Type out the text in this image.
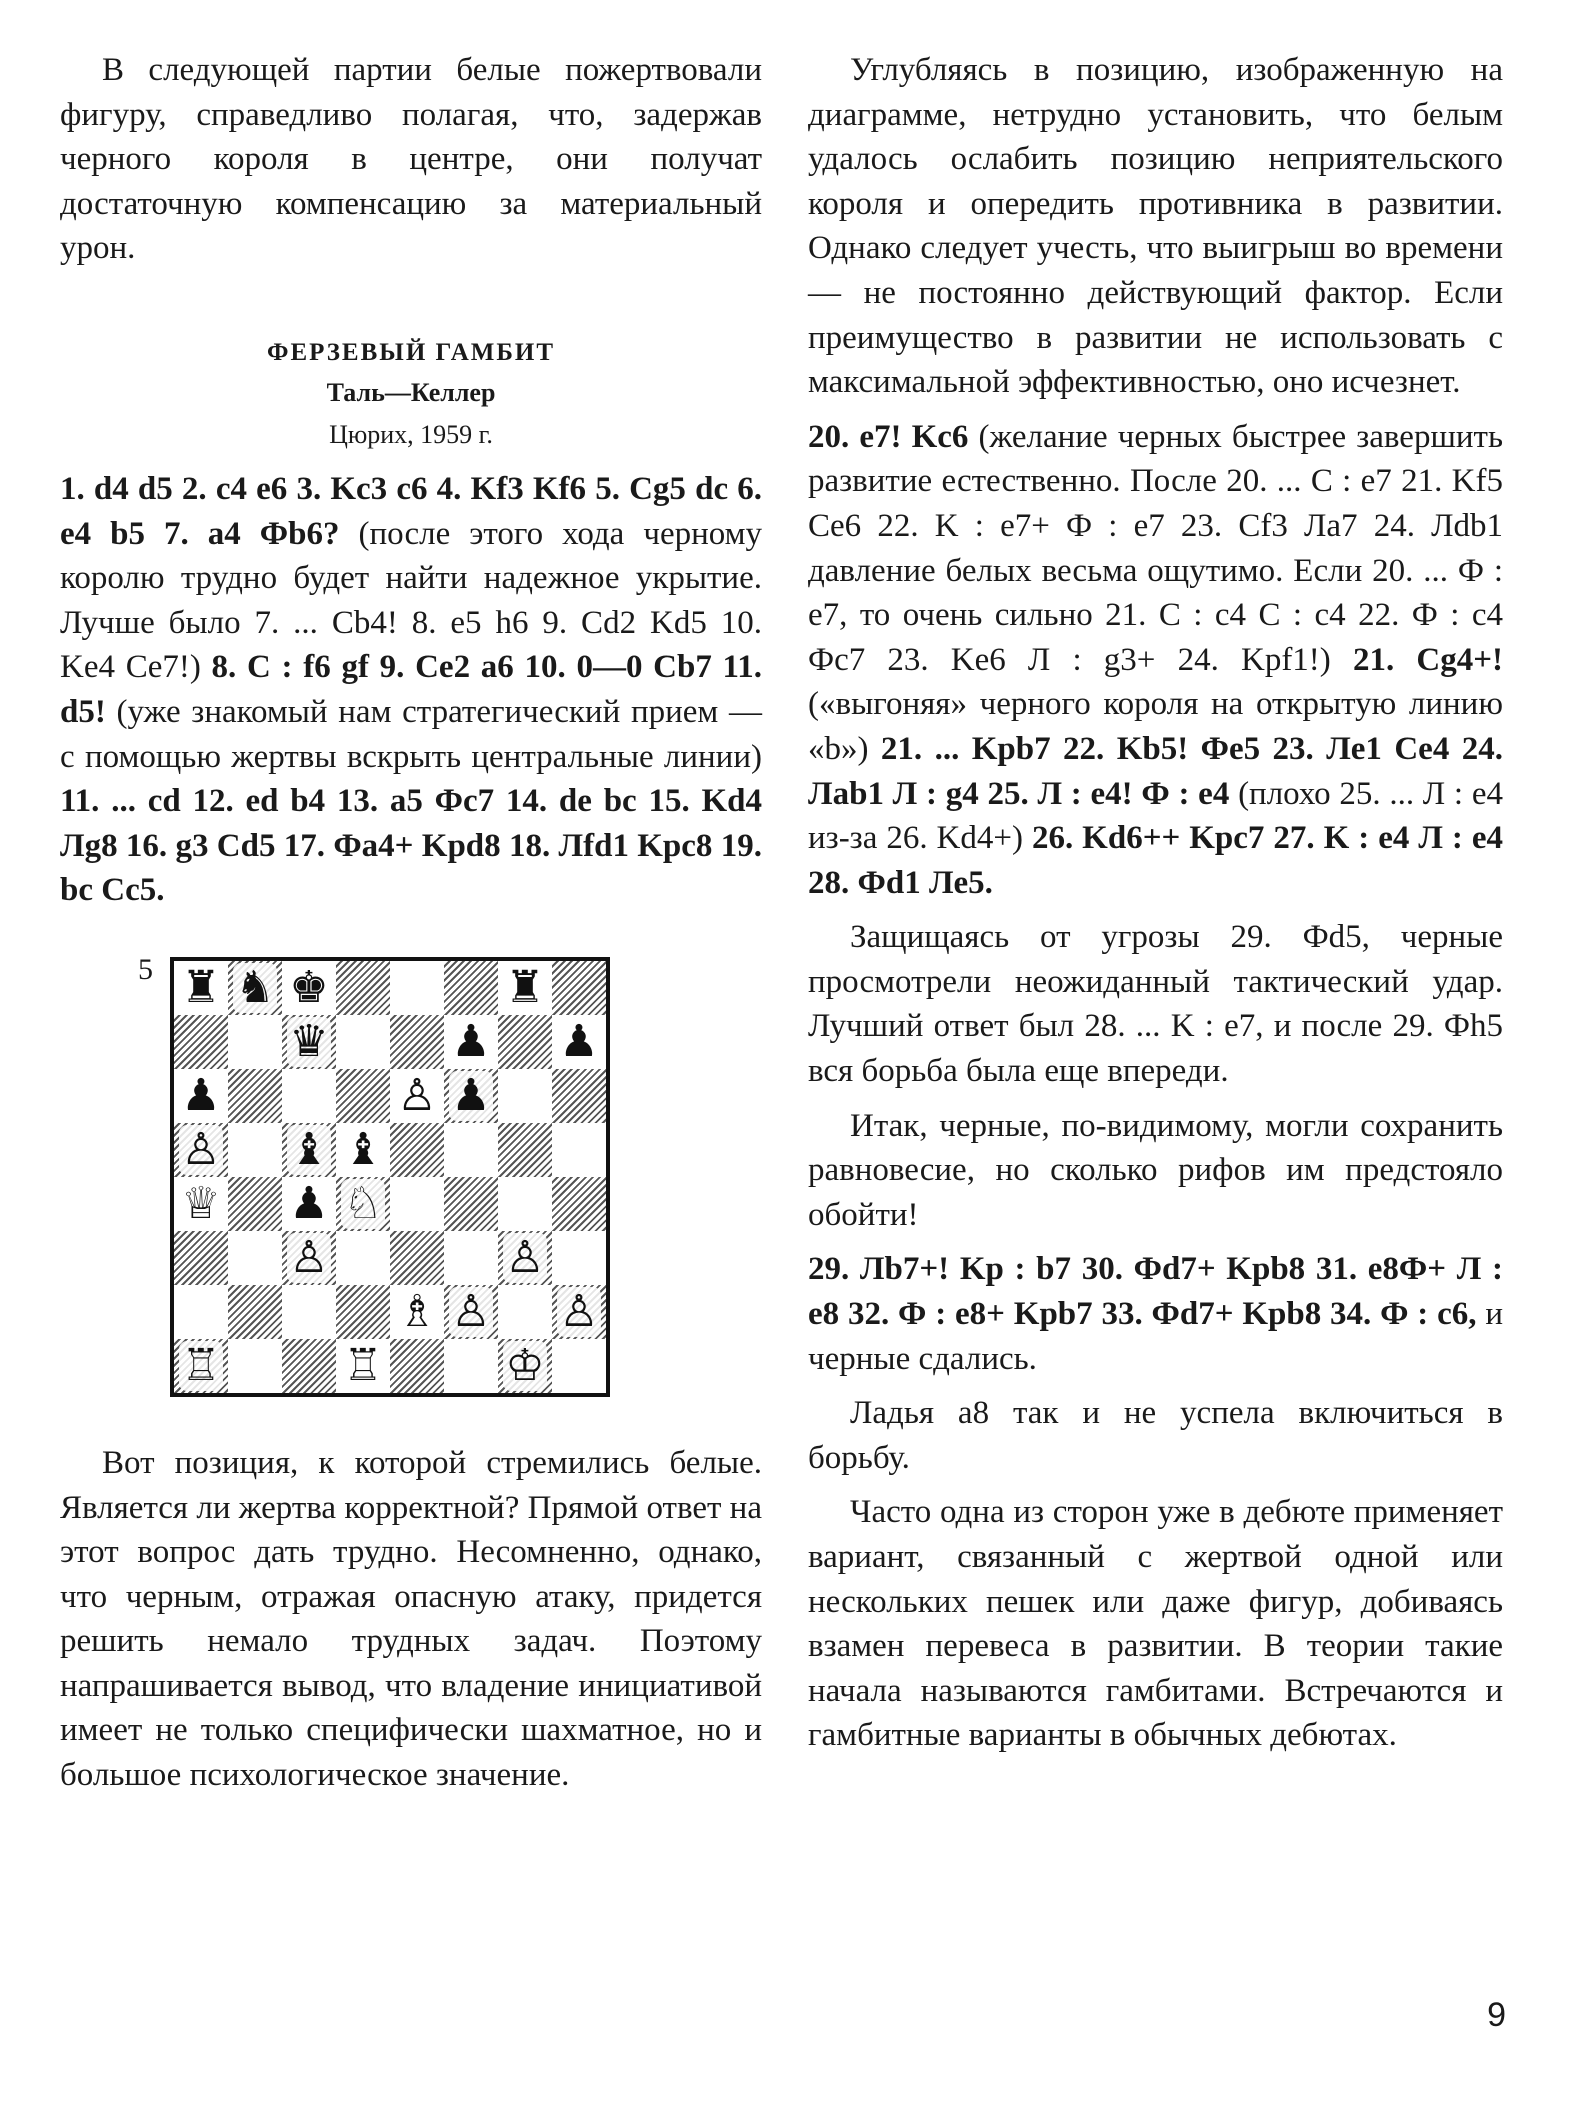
В следующей партии белые пожертвовали фигуру, справедливо полагая, что, задержав черного короля в центре, они получат достаточную компенсацию за материальный урон.

ФЕРЗЕВЫЙ ГАМБИТ
Таль—Келлер
Цюрих, 1959 г.

1. d4 d5 2. c4 e6 3. Kc3 c6 4. Kf3 Kf6 5. Cg5 dc 6. e4 b5 7. a4 Фb6? (после этого хода черному королю трудно будет найти надежное укрытие. Лучше было 7. ... Cb4! 8. e5 h6 9. Cd2 Kd5 10. Ke4 Ce7!) 8. C : f6 gf 9. Ce2 a6 10. 0—0 Cb7 11. d5! (уже знакомый нам стратегический прием — с помощью жертвы вскрыть центральные линии) 11. ... cd 12. ed b4 13. a5 Фc7 14. de bc 15. Kd4 Лg8 16. g3 Cd5 17. Фa4+ Kpd8 18. Лfd1 Kpc8 19. bc Cc5.

5 ♜ ♞ ♚	♜
♛	♟ ♟
♟	♙ ♟
♙ ♝ ♝
♕ ♟ ♘
♙	♙
♗ ♙ ♙
♖	♖	♔

Вот позиция, к которой стремились белые. Является ли жертва корректной? Прямой ответ на этот вопрос дать трудно. Несомненно, однако, что черным, отражая опасную атаку, придется решить немало трудных задач. Поэтому напрашивается вывод, что владение инициативой имеет не только специфически шахматное, но и большое психологическое значение.

Углубляясь в позицию, изображенную на диаграмме, нетрудно установить, что белым удалось ослабить позицию неприятельского короля и опередить противника в развитии. Однако следует учесть, что выигрыш во времени — не постоянно действующий фактор. Если преимущество в развитии не использовать с максимальной эффективностью, оно исчезнет.

20. e7! Kc6 (желание черных быстрее завершить развитие естественно. После 20. ... C : e7 21. Kf5 Ce6 22. K : e7+ Ф : e7 23. Cf3 Лa7 24. Лdb1 давление белых весьма ощутимо. Если 20. ... Ф : e7, то очень сильно 21. C : c4 C : c4 22. Ф : c4 Фc7 23. Ke6 Л : g3+ 24. Kpf1!) 21. Cg4+! («выгоняя» черного короля на открытую линию «b») 21. ... Kpb7 22. Kb5! Фe5 23. Лe1 Ce4 24. Лab1 Л : g4 25. Л : e4! Ф : e4 (плохо 25. ... Л : e4 из-за 26. Kd4+) 26. Kd6++ Kpc7 27. K : e4 Л : e4 28. Фd1 Лe5.

Защищаясь от угрозы 29. Фd5, черные просмотрели неожиданный тактический удар. Лучший ответ был 28. ... K : e7, и после 29. Фh5 вся борьба была еще впереди.

Итак, черные, по-видимому, могли сохранить равновесие, но сколько рифов им предстояло обойти!

29. Лb7+! Kp : b7 30. Фd7+ Kpb8 31. e8Ф+ Л : e8 32. Ф : e8+ Kpb7 33. Фd7+ Kpb8 34. Ф : c6, и черные сдались.

Ладья a8 так и не успела включиться в борьбу.

Часто одна из сторон уже в дебюте применяет вариант, связанный с жертвой одной или нескольких пешек или даже фигур, добиваясь взамен перевеса в развитии. В теории такие начала называются гамбитами. Встречаются и гамбитные варианты в обычных дебютах.

9
